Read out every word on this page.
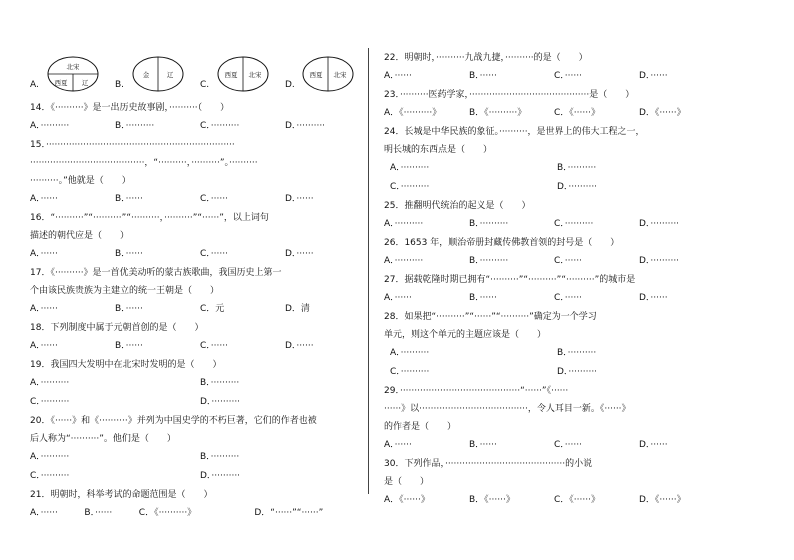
A.
北宋
西夏 辽	B.
金	辽
C.
西夏 北宋
D.
西夏 北宋
14．《··········》是一出历史故事剧，··········（　　）
A．··········	B．··········	C．··········	D．··········
15．··································································
········································，“··········，··········”。··········
··········。”他就是（　　）
A．······	B．······	C．······	D．······
16．“··········”“··········”“··········，··········”“······”，以上词句
描述的朝代应是（　　）
A．······	B．······	C．······	D．······
17．《··········》是一首优美动听的蒙古族歌曲，我国历史上第一
个由该民族贵族为主建立的统一王朝是（　　）
A．······	B．······	C．元	D．清
18．下列制度中属于元朝首创的是（　　）
A．······	B．······	C．······	D．······
19．我国四大发明中在北宋时发明的是（　　）
A．··········	B．··········
C．··········	D．··········
20．《······》和《··········》并列为中国史学的不朽巨著，它们的作者也被
后人称为“··········”。他们是（　　）
A．··········	B．··········
C．··········	D．··········
21．明朝时，科举考试的命题范围是（　　）
A．······	B．······	C．《··········》	D．“······”“······”
22．明朝时，··········九战九捷，··········的是（　　）
A．······	B．······	C．······	D．······
23．··········医药学家，··········································是（　　）
A．《··········》	B．《··········》	C．《······》	D．《······》
24．长城是中华民族的象征。··········，是世界上的伟大工程之一，
明长城的东西点是（　　）
A．··········	B．··········
C．··········	D．··········
25．推翻明代统治的起义是（　　）
A．··········	B．··········	C．··········	D．··········
26．1653 年，顺治帝册封藏传佛教首领的封号是（　　）
A．··········	B．··········	C．······	D．··········
27．据载乾隆时期已拥有“··········”“··········”“··········”的城市是
A．······	B．······	C．······	D．······
28．如果把“··········”“······”“··········”确定为一个学习
单元，则这个单元的主题应该是（　　）
A．··········	B．··········
C．··········	D．··········
29．··········································“······”《······
······》以······································，令人耳目一新。《······》
的作者是（　　）
A．······	B．······	C．······	D．······
30．下列作品，··········································的小说
是（　　）
A．《······》	B．《······》	C．《······》	D．《······》
